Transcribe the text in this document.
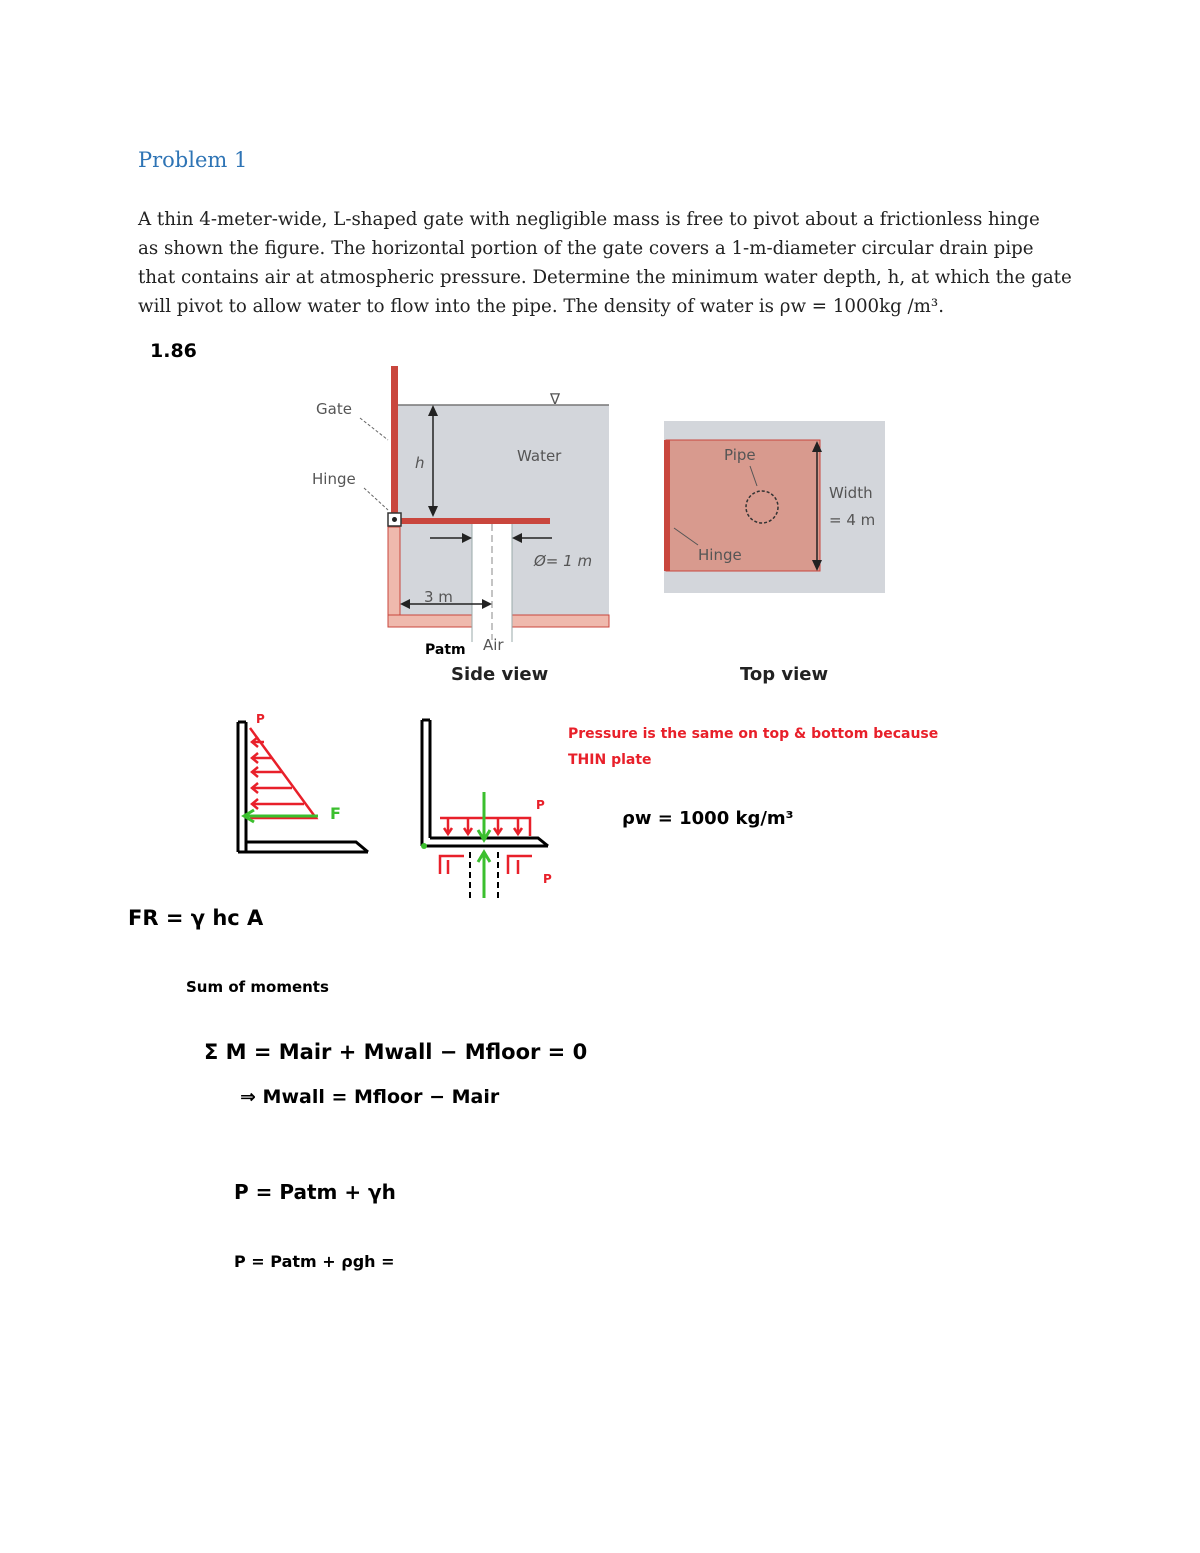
Problem 1
A thin 4-meter-wide, L-shaped gate with negligible mass is free to pivot about a frictionless hinge
as shown the figure. The horizontal portion of the gate covers a 1-m-diameter circular drain pipe
that contains air at atmospheric pressure. Determine the minimum water depth, h, at which the gate
will pivot to allow water to flow into the pipe. The density of water is ρw = 1000kg /m³.
1.86
∇
Gate
Hinge
Water
h
Ø= 1 m
3 m
Air
Patm
Side view
Pipe
Width
= 4 m
Hinge
Top view
P
F	P
P
Pressure is the same on top & bottom because
THIN plate
ρw = 1000 kg/m³
FR = γ hc A
Sum of moments
Σ M = Mair + Mwall − Mfloor = 0
⇒ Mwall = Mfloor − Mair
P = Patm + γh
P = Patm + ρgh =
